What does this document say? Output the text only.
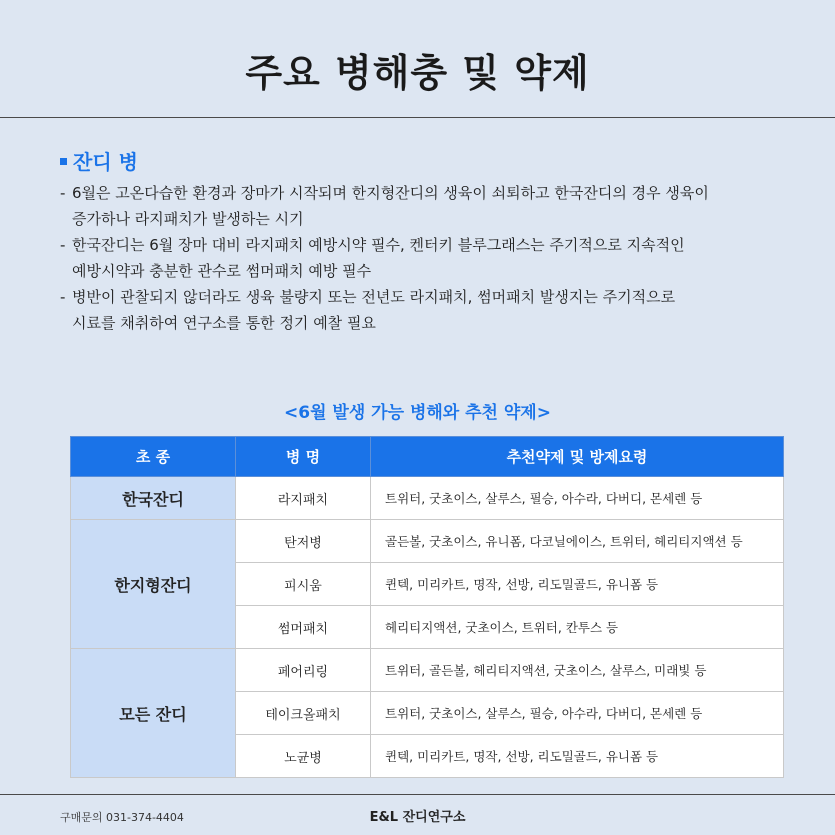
주요 병해충 및 약제
잔디 병
- 6월은 고온다습한 환경과 장마가 시작되며 한지형잔디의 생육이 쇠퇴하고 한국잔디의 경우 생육이
증가하나 라지패치가 발생하는 시기
- 한국잔디는 6월 장마 대비 라지패치 예방시약 필수, 켄터키 블루그래스는 주기적으로 지속적인
예방시약과 충분한 관수로 썸머패치 예방 필수
- 병반이 관찰되지 않더라도 생육 불량지 또는 전년도 라지패치, 썸머패치 발생지는 주기적으로
시료를 채취하여 연구소를 통한 정기 예찰 필요
<6월 발생 가능 병해와 추천 약제>
초 종	병 명	추천약제 및 방제요령
한국잔디	라지패치	트위터, 굿초이스, 살루스, 필승, 아수라, 다버디, 몬세렌 등
한지형잔디	탄저병	골든볼, 굿초이스, 유니폼, 다코닐에이스, 트위터, 헤리티지액션 등
	피시움	퀸텍, 미리카트, 명작, 선방, 리도밀골드, 유니폼 등
	썸머패치	헤리티지액션, 굿초이스, 트위터, 칸투스 등
모든 잔디	페어리링	트위터, 골든볼, 헤리티지액션, 굿초이스, 살루스, 미래빛 등
	테이크올패치	트위터, 굿초이스, 살루스, 필승, 아수라, 다버디, 몬세렌 등
	노균병	퀸텍, 미리카트, 명작, 선방, 리도밀골드, 유니폼 등
구매문의 031-374-4404	E&L 잔디연구소
